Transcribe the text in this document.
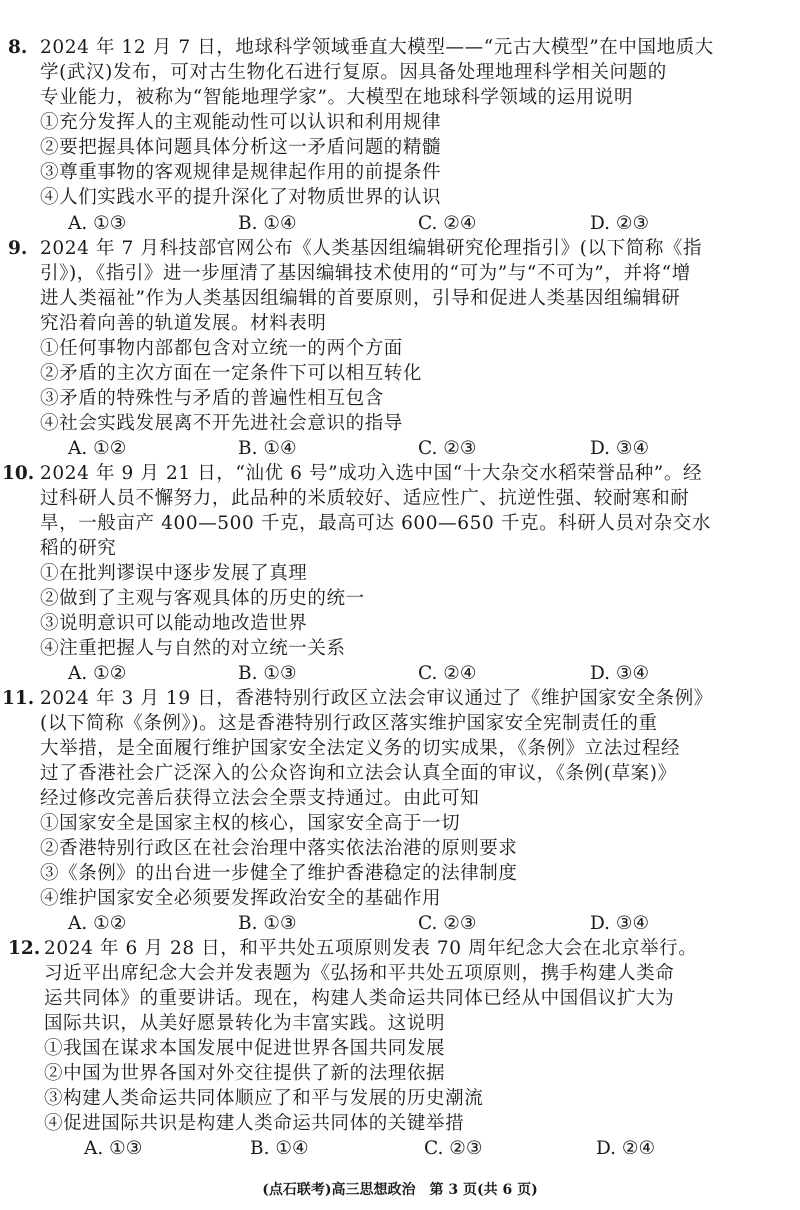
8. 2024 年 12 月 7 日，地球科学领域垂直大模型——“元古大模型”在中国地质大
学(武汉)发布，可对古生物化石进行复原。因具备处理地理科学相关问题的
专业能力，被称为“智能地理学家”。大模型在地球科学领域的运用说明
①充分发挥人的主观能动性可以认识和利用规律
②要把握具体问题具体分析这一矛盾问题的精髓
③尊重事物的客观规律是规律起作用的前提条件
④人们实践水平的提升深化了对物质世界的认识
A. ①③	B. ①④	C. ②④	D. ②③
9. 2024 年 7 月科技部官网公布《人类基因组编辑研究伦理指引》(以下简称《指
引》)，《指引》进一步厘清了基因编辑技术使用的“可为”与“不可为”，并将“增
进人类福祉”作为人类基因组编辑的首要原则，引导和促进人类基因组编辑研
究沿着向善的轨道发展。材料表明
①任何事物内部都包含对立统一的两个方面
②矛盾的主次方面在一定条件下可以相互转化
③矛盾的特殊性与矛盾的普遍性相互包含
④社会实践发展离不开先进社会意识的指导
A. ①②	B. ①④	C. ②③	D. ③④
10. 2024 年 9 月 21 日，“汕优 6 号”成功入选中国“十大杂交水稻荣誉品种”。经
过科研人员不懈努力，此品种的米质较好、适应性广、抗逆性强、较耐寒和耐
旱，一般亩产 400—500 千克，最高可达 600—650 千克。科研人员对杂交水
稻的研究
①在批判谬误中逐步发展了真理
②做到了主观与客观具体的历史的统一
③说明意识可以能动地改造世界
④注重把握人与自然的对立统一关系
A. ①②	B. ①③	C. ②④	D. ③④
11. 2024 年 3 月 19 日，香港特别行政区立法会审议通过了《维护国家安全条例》
(以下简称《条例》)。这是香港特别行政区落实维护国家安全宪制责任的重
大举措，是全面履行维护国家安全法定义务的切实成果，《条例》立法过程经
过了香港社会广泛深入的公众咨询和立法会认真全面的审议，《条例(草案)》
经过修改完善后获得立法会全票支持通过。由此可知
①国家安全是国家主权的核心，国家安全高于一切
②香港特别行政区在社会治理中落实依法治港的原则要求
③《条例》的出台进一步健全了维护香港稳定的法律制度
④维护国家安全必须要发挥政治安全的基础作用
A. ①②	B. ①③	C. ②③	D. ③④
12. 2024 年 6 月 28 日，和平共处五项原则发表 70 周年纪念大会在北京举行。
习近平出席纪念大会并发表题为《弘扬和平共处五项原则，携手构建人类命
运共同体》的重要讲话。现在，构建人类命运共同体已经从中国倡议扩大为
国际共识，从美好愿景转化为丰富实践。这说明
①我国在谋求本国发展中促进世界各国共同发展
②中国为世界各国对外交往提供了新的法理依据
③构建人类命运共同体顺应了和平与发展的历史潮流
④促进国际共识是构建人类命运共同体的关键举措
A. ①③	B. ①④	C. ②③	D. ②④
(点石联考)高三思想政治　第 3 页(共 6 页)
